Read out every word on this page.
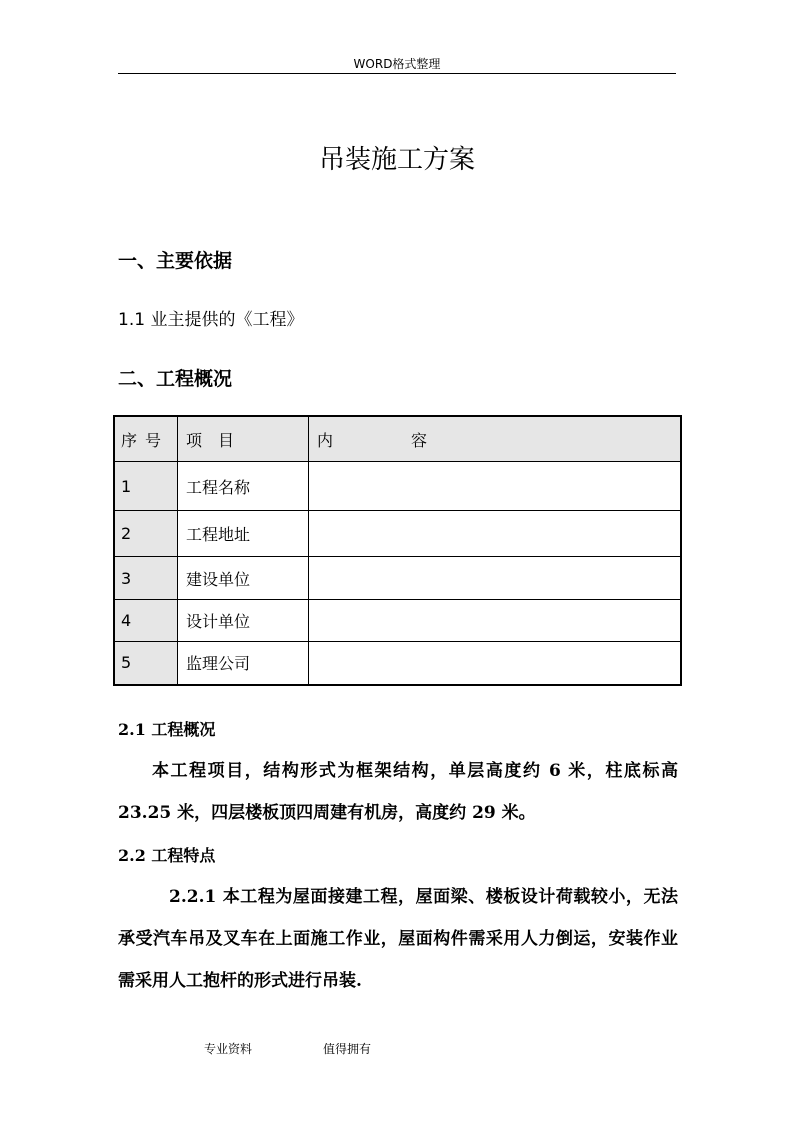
WORD格式整理
吊装施工方案
一、主要依据
1.1 业主提供的《工程》
二、工程概况
序号	项　目	内 容
1	工程名称	
2	工程地址	
3	建设单位	
4	设计单位	
5	监理公司	
2.1 工程概况
本工程项目，结构形式为框架结构，单层高度约 6 米，柱底标高 23.25 米，四层楼板顶四周建有机房，高度约 29 米。
2.2 工程特点
2.2.1 本工程为屋面接建工程，屋面梁、楼板设计荷载较小，无法承受汽车吊及叉车在上面施工作业，屋面构件需采用人力倒运，安装作业需采用人工抱杆的形式进行吊装.
专业资料	值得拥有
